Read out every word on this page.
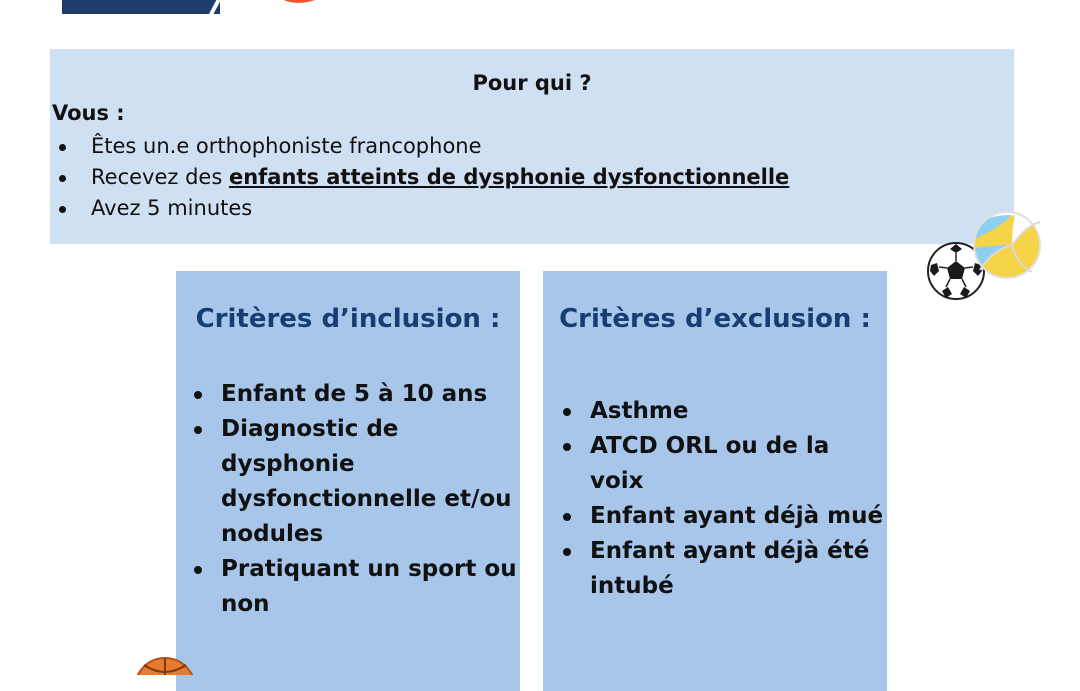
Pour qui ?
Vous :
Êtes un.e orthophoniste francophone
Recevez des enfants atteints de dysphonie dysfonctionnelle
Avez 5 minutes
Critères d’inclusion :
Enfant de 5 à 10 ans
Diagnostic de dysphonie dysfonctionnelle et/ou nodules
Pratiquant un sport ou non
Critères d’exclusion :
Asthme
ATCD ORL ou de la voix
Enfant ayant déjà mué
Enfant ayant déjà été intubé
